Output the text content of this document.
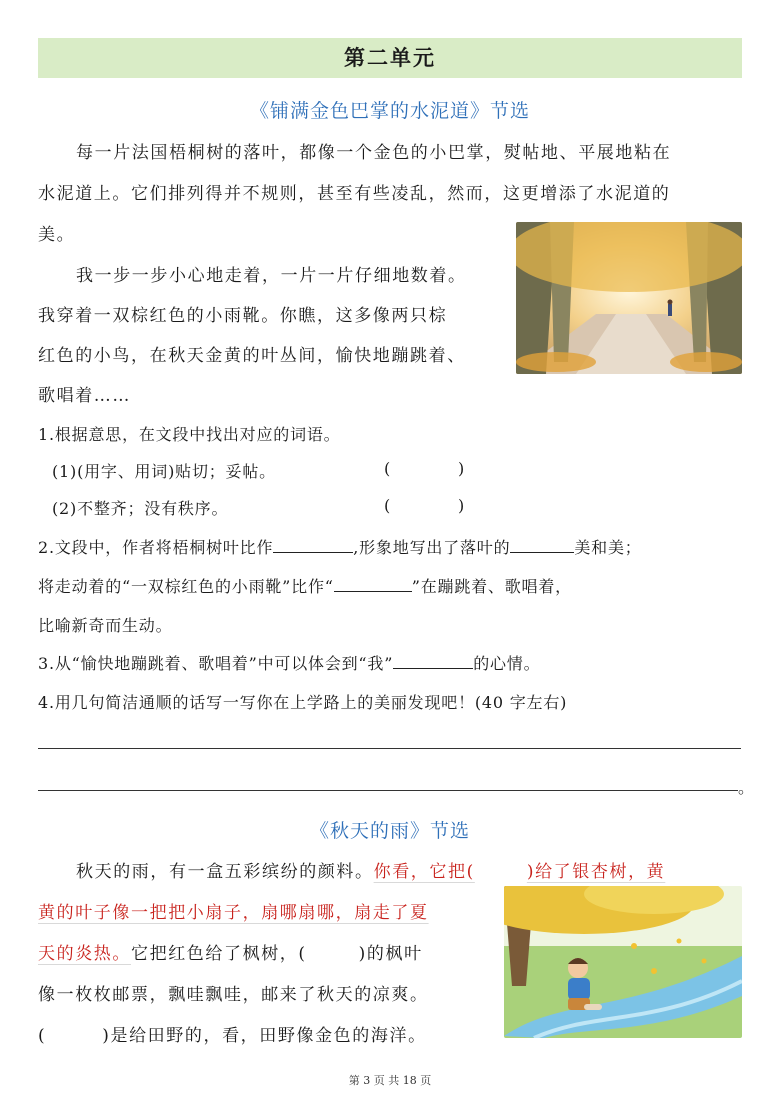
第二单元
《铺满金色巴掌的水泥道》节选
每一片法国梧桐树的落叶，都像一个金色的小巴掌，熨帖地、平展地粘在
水泥道上。它们排列得并不规则，甚至有些凌乱，然而，这更增添了水泥道的
美。
我一步一步小心地走着，一片一片仔细地数着。
我穿着一双棕红色的小雨靴。你瞧，这多像两只棕
红色的小鸟，在秋天金黄的叶丛间，愉快地蹦跳着、
歌唱着……
1.根据意思，在文段中找出对应的词语。
(1)(用字、用词)贴切；妥帖。	(	)
(2)不整齐；没有秩序。	(	)
2.文段中，作者将梧桐树叶比作	,形象地写出了落叶的	美和美；
将走动着的“一双棕红色的小雨靴”比作“	”在蹦跳着、歌唱着，
比喻新奇而生动。
3.从“愉快地蹦跳着、歌唱着”中可以体会到“我”	的心情。
4.用几句简洁通顺的话写一写你在上学路上的美丽发现吧！(40 字左右)
。
《秋天的雨》节选
秋天的雨，有一盒五彩缤纷的颜料。你看，它把(	)给了银杏树，黄
黄的叶子像一把把小扇子，扇哪扇哪，扇走了夏
天的炎热。它把红色给了枫树，(	)的枫叶
像一枚枚邮票，飘哇飘哇，邮来了秋天的凉爽。
(	)是给田野的，看，田野像金色的海洋。
第 3 页 共 18 页
